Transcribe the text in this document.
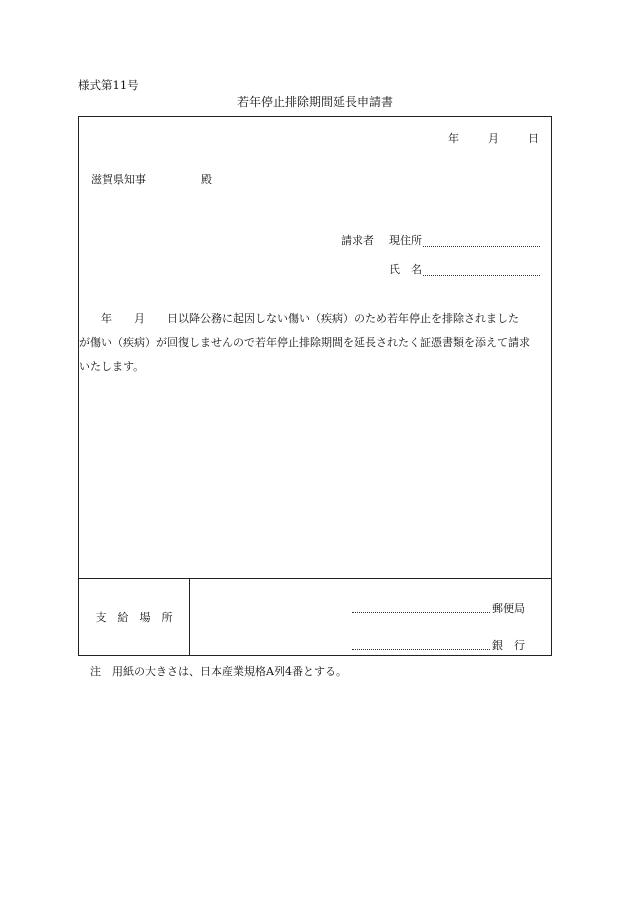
様式第11号
若年停止排除期間延長申請書
年	月	日
滋賀県知事	殿
請求者 現住所
氏　名
　　年　　月　　日以降公務に起因しない傷い（疾病）のため若年停止を排除されました
が傷い（疾病）が回復しませんので若年停止排除期間を延長されたく証憑書類を添えて請求
いたします。
支　給　場　所
郵便局
銀　行
注　用紙の大きさは、日本産業規格A列4番とする。
